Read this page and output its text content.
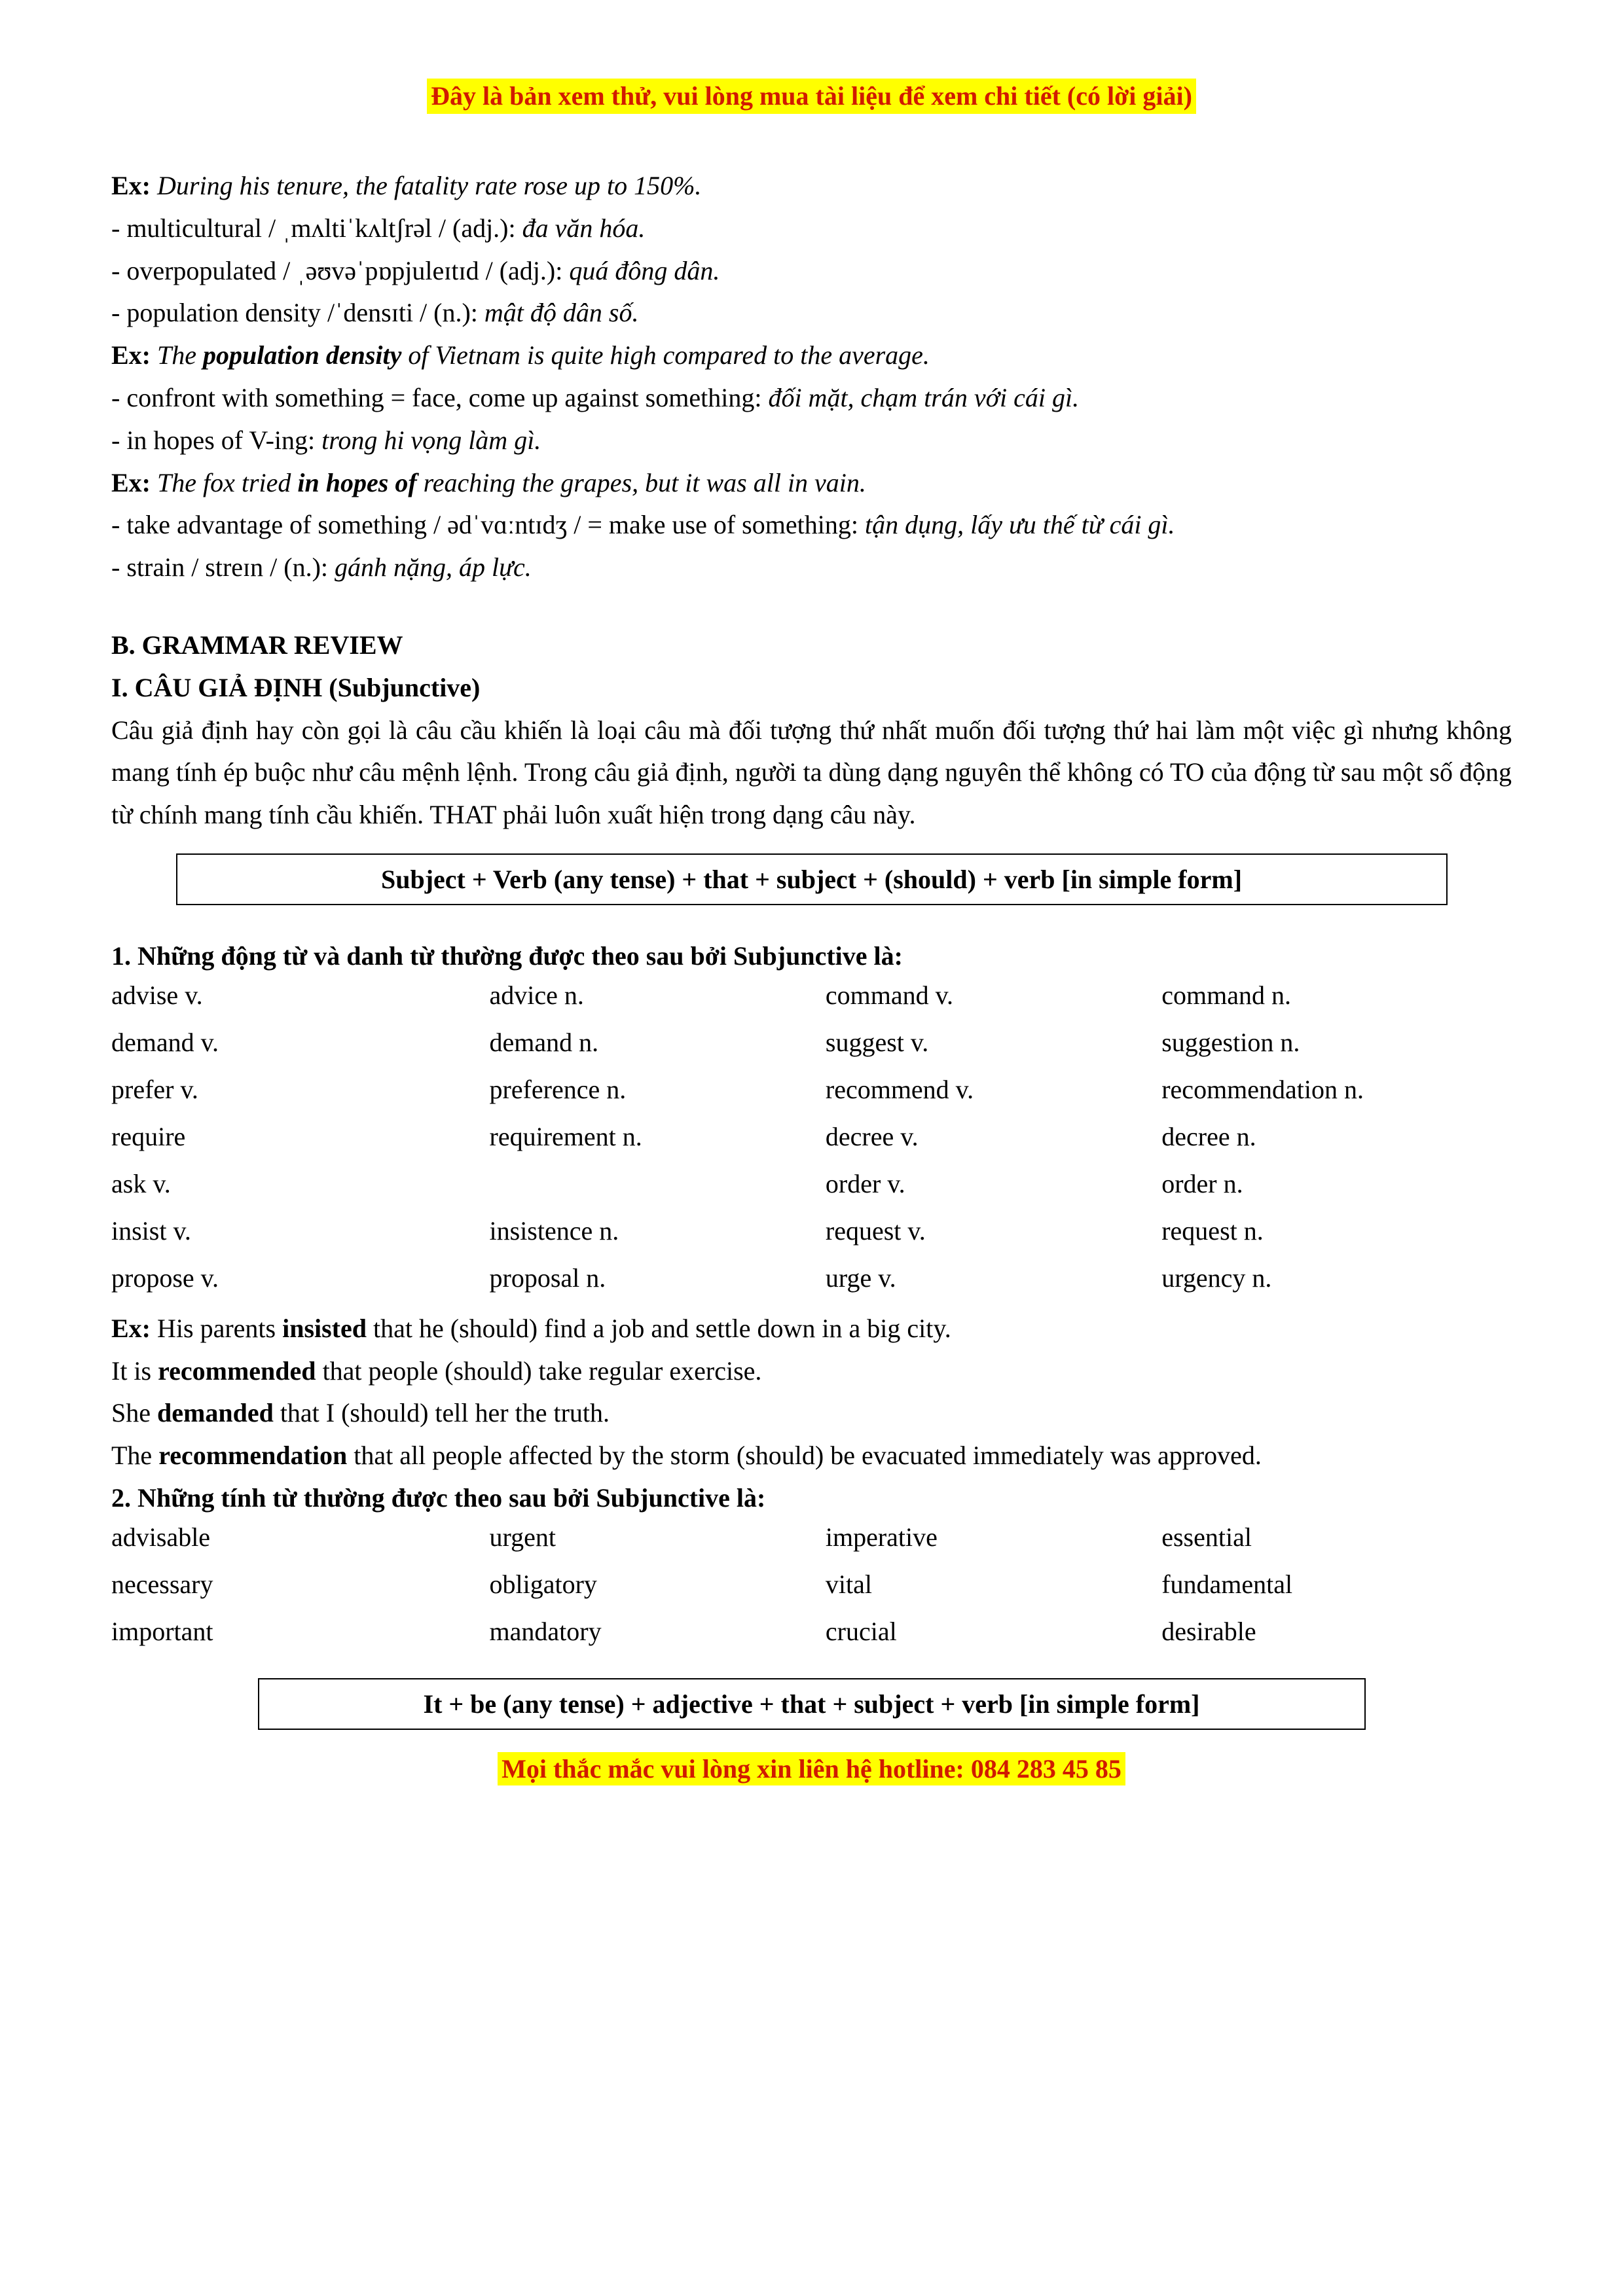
Đây là bản xem thử, vui lòng mua tài liệu để xem chi tiết (có lời giải)

Ex: During his tenure, the fatality rate rose up to 150%.

- multicultural / ˌmʌltiˈkʌltʃrəl / (adj.): đa văn hóa.

- overpopulated / ˌəʊvəˈpɒpjuleɪtɪd / (adj.): quá đông dân.

- population density /ˈdensɪti / (n.): mật độ dân số.

Ex: The population density of Vietnam is quite high compared to the average.

- confront with something = face, come up against something: đối mặt, chạm trán với cái gì.

- in hopes of V-ing: trong hi vọng làm gì.

Ex: The fox tried in hopes of reaching the grapes, but it was all in vain.

- take advantage of something / ədˈvɑːntɪdʒ / = make use of something: tận dụng, lấy ưu thế từ cái gì.

- strain / streɪn / (n.): gánh nặng, áp lực.

B. GRAMMAR REVIEW

I. CÂU GIẢ ĐỊNH (Subjunctive)

Câu giả định hay còn gọi là câu cầu khiến là loại câu mà đối tượng thứ nhất muốn đối tượng thứ hai làm một việc gì nhưng không mang tính ép buộc như câu mệnh lệnh. Trong câu giả định, người ta dùng dạng nguyên thể không có TO của động từ sau một số động từ chính mang tính cầu khiến. THAT phải luôn xuất hiện trong dạng câu này.

Subject + Verb (any tense) + that + subject + (should) + verb [in simple form]

1. Những động từ và danh từ thường được theo sau bởi Subjunctive là:

advise v.	advice n.	command v.	command n.
demand v.	demand n.	suggest v.	suggestion n.
prefer v.	preference n.	recommend v.	recommendation n.
require	requirement n.	decree v.	decree n.
ask v.		order v.	order n.
insist v.	insistence n.	request v.	request n.
propose v.	proposal n.	urge v.	urgency n.

Ex: His parents insisted that he (should) find a job and settle down in a big city.

It is recommended that people (should) take regular exercise.

She demanded that I (should) tell her the truth.

The recommendation that all people affected by the storm (should) be evacuated immediately was approved.

2. Những tính từ thường được theo sau bởi Subjunctive là:

advisable	urgent	imperative	essential
necessary	obligatory	vital	fundamental
important	mandatory	crucial	desirable
It + be (any tense) + adjective + that + subject + verb [in simple form]
Mọi thắc mắc vui lòng xin liên hệ hotline: 084 283 45 85
